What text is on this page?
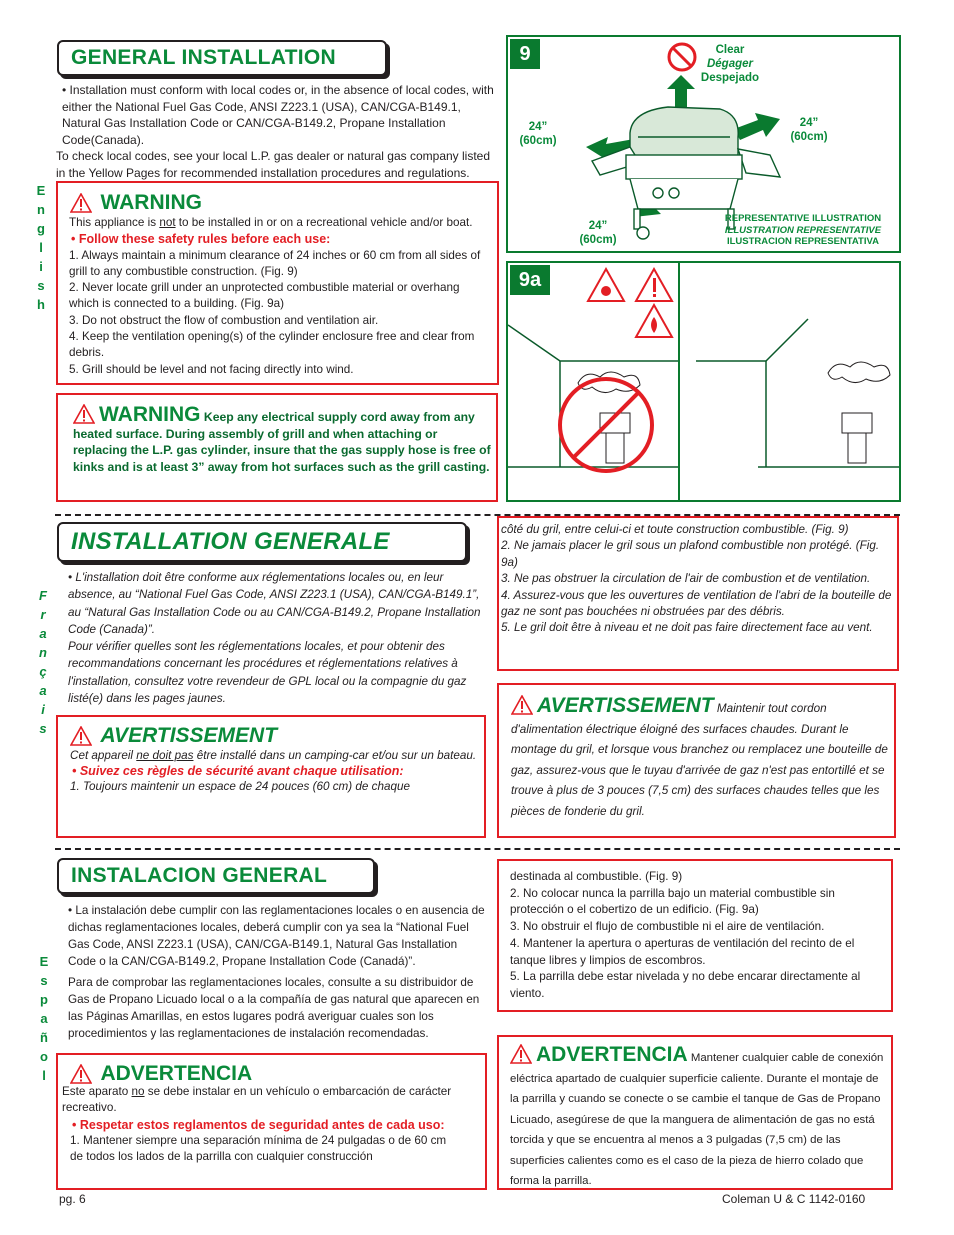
GENERAL INSTALLATION
• Installation must conform with local codes or, in the absence of local codes, with either the National Fuel Gas Code, ANSI Z223.1 (USA), CAN/CGA-B149.1, Natural Gas Installation Code or CAN/CGA-B149.2, Propane Installation Code(Canada).
To check local codes, see your local L.P. gas dealer or natural gas company listed in the Yellow Pages for recommended installation procedures and regulations.
E
n
g
l
i
s
h
WARNING
This appliance is not to be installed in or on a recreational vehicle and/or boat.
• Follow these safety rules before each use:
1. Always maintain a minimum clearance of 24 inches or 60 cm from all sides of grill to any combustible construction. (Fig. 9)
2. Never locate grill under an unprotected combustible material or overhang which is connected to a building. (Fig. 9a)
3. Do not obstruct the flow of combustion and ventilation air.
4. Keep the ventilation opening(s) of the cylinder enclosure free and clear from debris.
5. Grill should be level and not facing directly into wind.
WARNING Keep any electrical supply cord away from any heated surface. During assembly of grill and when attaching or replacing the L.P. gas cylinder, insure that the gas supply hose is free of kinks and is at least 3” away from hot surfaces such as the grill casting.
9	Clear
Dégager
Despejado
24”
(60cm)
24”
(60cm)
24”
(60cm)
REPRESENTATIVE ILLUSTRATION
ILLUSTRATION REPRESENTATIVE
ILUSTRACION REPRESENTATIVA
9a
INSTALLATION GENERALE
• L'installation doit être conforme aux réglementations locales ou, en leur absence, au “National Fuel Gas Code, ANSI Z223.1 (USA), CAN/CGA-B149.1”, au “Natural Gas Installation Code ou au CAN/CGA-B149.2, Propane Installation Code (Canada)”.
Pour vérifier quelles sont les réglementations locales, et pour obtenir des recommandations concernant les procédures et réglementations relatives à l'installation, consultez votre revendeur de GPL local ou la compagnie du gaz listé(e) dans les pages jaunes.
F
r
a
n
ç
a
i
s	AVERTISSEMENT
Cet appareil ne doit pas être installé dans un camping-car et/ou sur un bateau.
• Suivez ces règles de sécurité avant chaque utilisation:
1. Toujours maintenir un espace de 24 pouces (60 cm) de chaque
côté du gril, entre celui-ci et toute construction combustible. (Fig. 9)
2. Ne jamais placer le gril sous un plafond combustible non protégé. (Fig. 9a)
3. Ne pas obstruer la circulation de l'air de combustion et de ventilation.
4. Assurez-vous que les ouvertures de ventilation de l'abri de la bouteille de gaz ne sont pas bouchées ni obstruées par des débris.
5. Le gril doit être à niveau et ne doit pas faire directement face au vent.
AVERTISSEMENT Maintenir tout cordon d'alimentation électrique éloigné des surfaces chaudes. Durant le montage du gril, et lorsque vous branchez ou remplacez une bouteille de gaz, assurez-vous que le tuyau d'arrivée de gaz n'est pas entortillé et se trouve à plus de 3 pouces (7,5 cm) des surfaces chaudes telles que les pièces de fonderie du gril.
INSTALACION GENERAL
• La instalación debe cumplir con las reglamentaciones locales o en ausencia de dichas reglamentaciones locales, deberá cumplir con ya sea la “National Fuel Gas Code, ANSI Z223.1 (USA), CAN/CGA-B149.1, Natural Gas Installation Code o la CAN/CGA-B149.2, Propane Installation Code (Canadá)”.
Para de comprobar las reglamentaciones locales, consulte a su distribuidor de Gas de Propano Licuado local o a la compañía de gas natural que aparecen en las Páginas Amarillas, en estos lugares podrá averiguar cuales son los procedimientos y las reglamentaciones de instalación recomendadas.
E
s
p
a
ñ
o
l	ADVERTENCIA
Este aparato no se debe instalar en un vehículo o embarcación de carácter recreativo.
• Respetar estos reglamentos de seguridad antes de cada uso:
1. Mantener siempre una separación mínima de 24 pulgadas o de 60 cm de todos los lados de la parrilla con cualquier construcción
destinada al combustible. (Fig. 9)
2. No colocar nunca la parrilla bajo un material combustible sin protección o el cobertizo de un edificio. (Fig. 9a)
3. No obstruir el flujo de combustible ni el aire de ventilación.
4. Mantener la apertura o aperturas de ventilación del recinto de el tanque libres y limpios de escombros.
5. La parrilla debe estar nivelada y no debe encarar directamente al viento.
ADVERTENCIA Mantener cualquier cable de conexión eléctrica apartado de cualquier superficie caliente. Durante el montaje de la parrilla y cuando se conecte o se cambie el tanque de Gas de Propano Licuado, asegúrese de que la manguera de alimentación de gas no está torcida y que se encuentra al menos a 3 pulgadas (7,5 cm) de las superficies calientes como es el caso de la pieza de hierro colado que forma la parrilla.
pg. 6	Coleman U & C 1142-0160
